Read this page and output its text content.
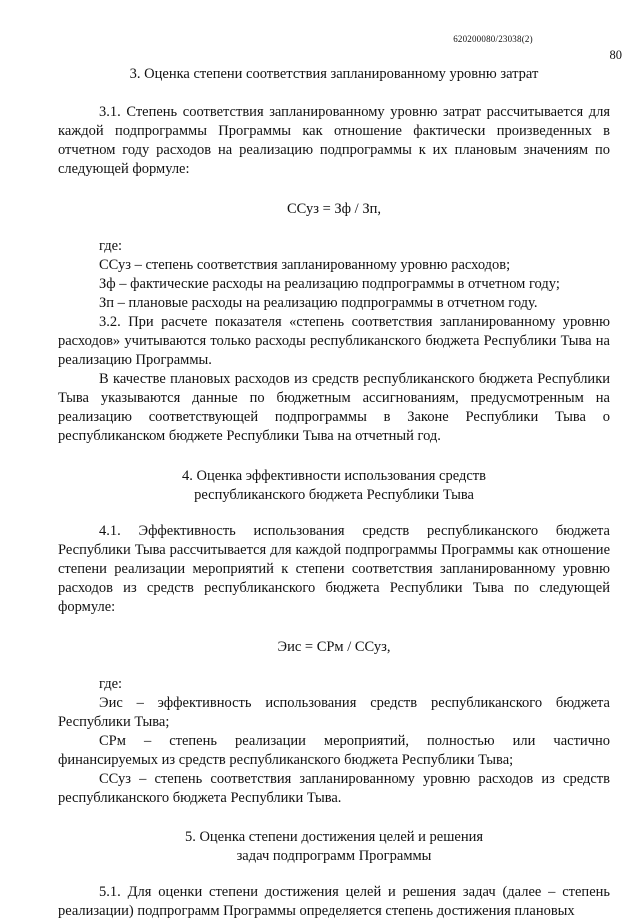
620200080/23038(2)
80

3. Оценка степени соответствия запланированному уровню затрат

3.1. Степень соответствия запланированному уровню затрат рассчитывается для каждой подпрограммы Программы как отношение фактически произведенных в отчетном году расходов на реализацию подпрограммы к их плановым значениям по следующей формуле:

ССуз = Зф / Зп,

где:

ССуз – степень соответствия запланированному уровню расходов;

Зф – фактические расходы на реализацию подпрограммы в отчетном году;

Зп – плановые расходы на реализацию подпрограммы в отчетном году.

3.2. При расчете показателя «степень соответствия запланированному уровню расходов» учитываются только расходы республиканского бюджета Республики Тыва на реализацию Программы.

В качестве плановых расходов из средств республиканского бюджета Республики Тыва указываются данные по бюджетным ассигнованиям, предусмотренным на реализацию соответствующей подпрограммы в Законе Республики Тыва о республиканском бюджете Республики Тыва на отчетный год.

4. Оценка эффективности использования средств

республиканского бюджета Республики Тыва

4.1. Эффективность использования средств республиканского бюджета Республики Тыва рассчитывается для каждой подпрограммы Программы как отношение степени реализации мероприятий к степени соответствия запланированному уровню расходов из средств республиканского бюджета Республики Тыва по следующей формуле:

Эис = СРм / ССуз,

где:

Эис – эффективность использования средств республиканского бюджета Республики Тыва;

СРм – степень реализации мероприятий, полностью или частично финансируемых из средств республиканского бюджета Республики Тыва;

ССуз – степень соответствия запланированному уровню расходов из средств республиканского бюджета Республики Тыва.

5. Оценка степени достижения целей и решения

задач подпрограмм Программы

5.1. Для оценки степени достижения целей и решения задач (далее – степень реализации) подпрограмм Программы определяется степень достижения плановых
